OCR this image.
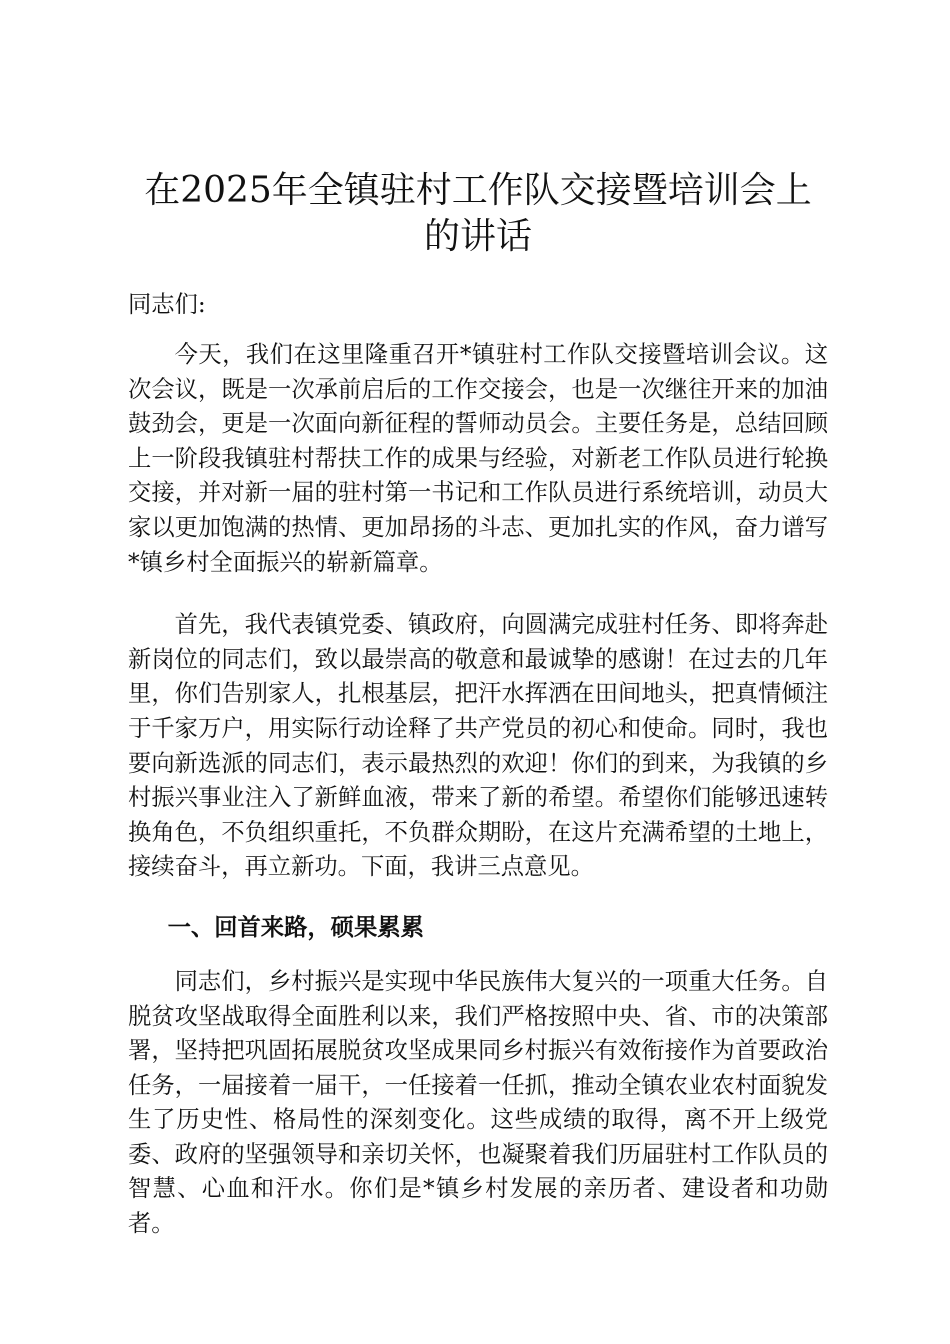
在2025年全镇驻村工作队交接暨培训会上的讲话

同志们:

今天，我们在这里隆重召开*镇驻村工作队交接暨培训会议。这次会议，既是一次承前启后的工作交接会，也是一次继往开来的加油鼓劲会，更是一次面向新征程的誓师动员会。主要任务是，总结回顾上一阶段我镇驻村帮扶工作的成果与经验，对新老工作队员进行轮换交接，并对新一届的驻村第一书记和工作队员进行系统培训，动员大家以更加饱满的热情、更加昂扬的斗志、更加扎实的作风，奋力谱写*镇乡村全面振兴的崭新篇章。

首先，我代表镇党委、镇政府，向圆满完成驻村任务、即将奔赴新岗位的同志们，致以最崇高的敬意和最诚挚的感谢！在过去的几年里，你们告别家人，扎根基层，把汗水挥洒在田间地头，把真情倾注于千家万户，用实际行动诠释了共产党员的初心和使命。同时，我也要向新选派的同志们，表示最热烈的欢迎！你们的到来，为我镇的乡村振兴事业注入了新鲜血液，带来了新的希望。希望你们能够迅速转换角色，不负组织重托，不负群众期盼，在这片充满希望的土地上，接续奋斗，再立新功。下面，我讲三点意见。

一、回首来路，硕果累累

同志们，乡村振兴是实现中华民族伟大复兴的一项重大任务。自脱贫攻坚战取得全面胜利以来，我们严格按照中央、省、市的决策部署，坚持把巩固拓展脱贫攻坚成果同乡村振兴有效衔接作为首要政治任务，一届接着一届干，一任接着一任抓，推动全镇农业农村面貌发生了历史性、格局性的深刻变化。这些成绩的取得，离不开上级党委、政府的坚强领导和亲切关怀，也凝聚着我们历届驻村工作队员的智慧、心血和汗水。你们是*镇乡村发展的亲历者、建设者和功勋者。
